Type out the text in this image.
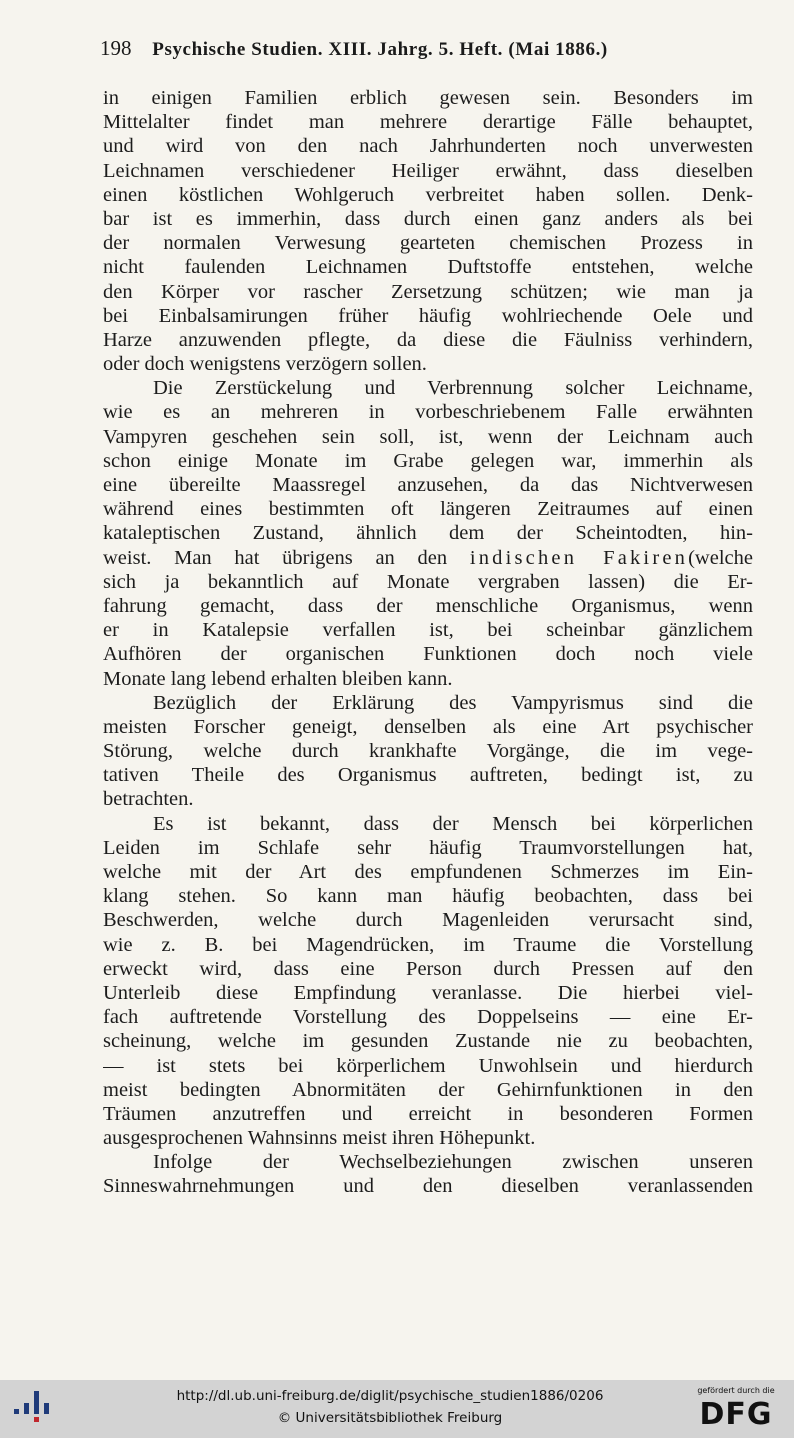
198 Psychische Studien. XIII. Jahrg. 5. Heft. (Mai 1886.)
in einigen Familien erblich gewesen sein. Besonders im
Mittelalter findet man mehrere derartige Fälle behauptet,
und wird von den nach Jahrhunderten noch unverwesten
Leichnamen verschiedener Heiliger erwähnt, dass dieselben
einen köstlichen Wohlgeruch verbreitet haben sollen. Denk-
bar ist es immerhin, dass durch einen ganz anders als bei
der normalen Verwesung gearteten chemischen Prozess in
nicht faulenden Leichnamen Duftstoffe entstehen, welche
den Körper vor rascher Zersetzung schützen; wie man ja
bei Einbalsamirungen früher häufig wohlriechende Oele und
Harze anzuwenden pflegte, da diese die Fäulniss verhindern,
oder doch wenigstens verzögern sollen.
Die Zerstückelung und Verbrennung solcher Leichname,
wie es an mehreren in vorbeschriebenem Falle erwähnten
Vampyren geschehen sein soll, ist, wenn der Leichnam auch
schon einige Monate im Grabe gelegen war, immerhin als
eine übereilte Maassregel anzusehen, da das Nichtverwesen
während eines bestimmten oft längeren Zeitraumes auf einen
kataleptischen Zustand, ähnlich dem der Scheintodten, hin-
weist. Man hat übrigens an den indischen Fakiren(welche
sich ja bekanntlich auf Monate vergraben lassen) die Er-
fahrung gemacht, dass der menschliche Organismus, wenn
er in Katalepsie verfallen ist, bei scheinbar gänzlichem
Aufhören der organischen Funktionen doch noch viele
Monate lang lebend erhalten bleiben kann.
Bezüglich der Erklärung des Vampyrismus sind die
meisten Forscher geneigt, denselben als eine Art psychischer
Störung, welche durch krankhafte Vorgänge, die im vege-
tativen Theile des Organismus auftreten, bedingt ist, zu
betrachten.
Es ist bekannt, dass der Mensch bei körperlichen
Leiden im Schlafe sehr häufig Traumvorstellungen hat,
welche mit der Art des empfundenen Schmerzes im Ein-
klang stehen. So kann man häufig beobachten, dass bei
Beschwerden, welche durch Magenleiden verursacht sind,
wie z. B. bei Magendrücken, im Traume die Vorstellung
erweckt wird, dass eine Person durch Pressen auf den
Unterleib diese Empfindung veranlasse. Die hierbei viel-
fach auftretende Vorstellung des Doppelseins — eine Er-
scheinung, welche im gesunden Zustande nie zu beobachten,
— ist stets bei körperlichem Unwohlsein und hierdurch
meist bedingten Abnormitäten der Gehirnfunktionen in den
Träumen anzutreffen und erreicht in besonderen Formen
ausgesprochenen Wahnsinns meist ihren Höhepunkt.
Infolge der Wechselbeziehungen zwischen unseren
Sinneswahrnehmungen und den dieselben veranlassenden
http://dl.ub.uni-freiburg.de/diglit/psychische_studien1886/0206
© Universitätsbibliothek Freiburg
gefördert durch die
DFG
